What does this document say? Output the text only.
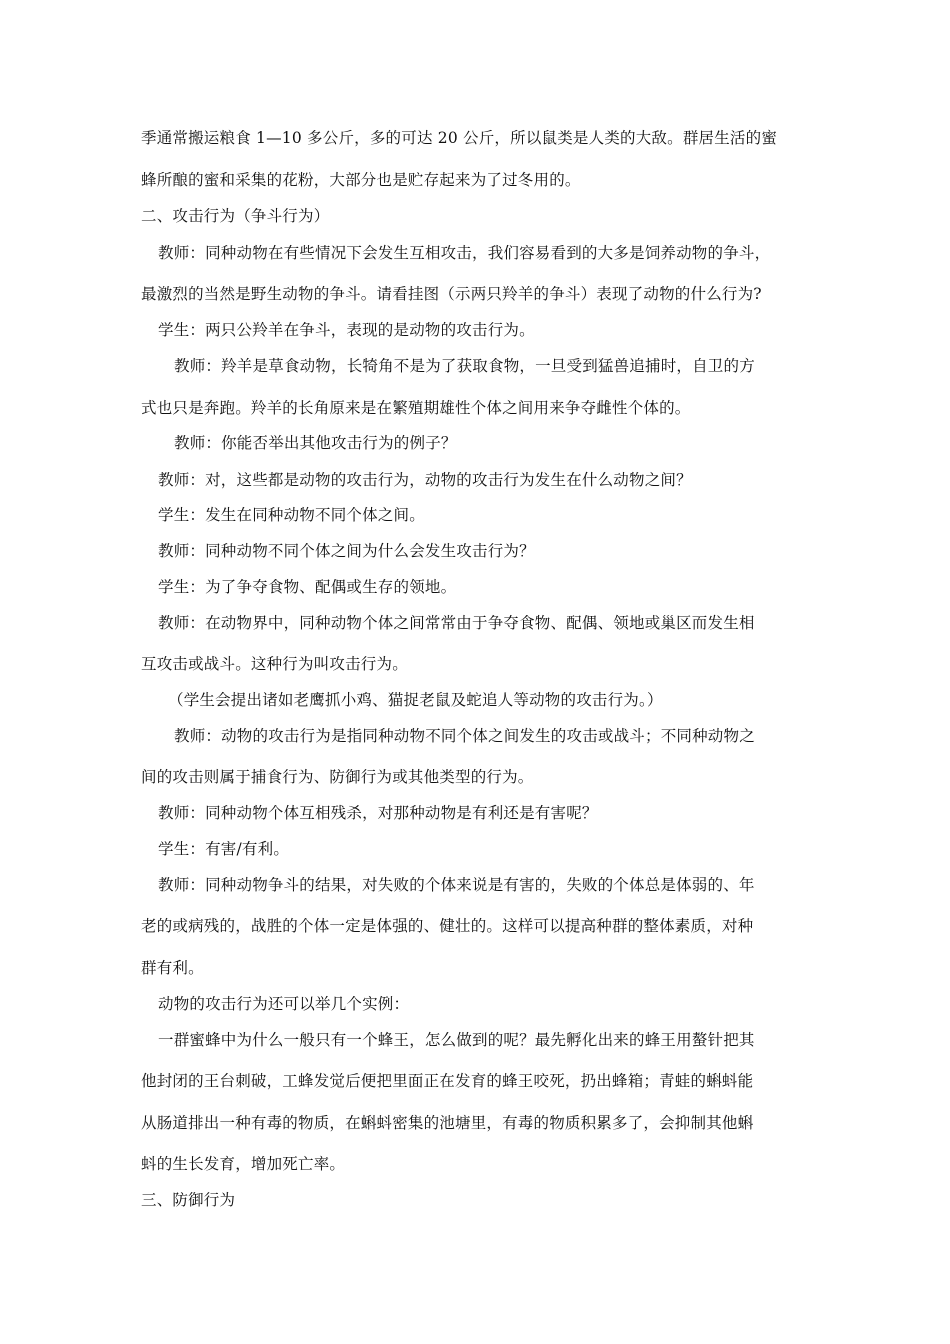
季通常搬运粮食 1—10 多公斤，多的可达 20 公斤，所以鼠类是人类的大敌。群居生活的蜜
蜂所酿的蜜和采集的花粉，大部分也是贮存起来为了过冬用的。
二、攻击行为（争斗行为）
教师：同种动物在有些情况下会发生互相攻击，我们容易看到的大多是饲养动物的争斗，
最激烈的当然是野生动物的争斗。请看挂图（示两只羚羊的争斗）表现了动物的什么行为?
学生：两只公羚羊在争斗，表现的是动物的攻击行为。
教师：羚羊是草食动物，长犄角不是为了获取食物，一旦受到猛兽追捕时，自卫的方
式也只是奔跑。羚羊的长角原来是在繁殖期雄性个体之间用来争夺雌性个体的。
教师：你能否举出其他攻击行为的例子？
教师：对，这些都是动物的攻击行为，动物的攻击行为发生在什么动物之间？
学生：发生在同种动物不同个体之间。
教师：同种动物不同个体之间为什么会发生攻击行为？
学生：为了争夺食物、配偶或生存的领地。
教师：在动物界中，同种动物个体之间常常由于争夺食物、配偶、领地或巢区而发生相
互攻击或战斗。这种行为叫攻击行为。
（学生会提出诸如老鹰抓小鸡、猫捉老鼠及蛇追人等动物的攻击行为。）
教师：动物的攻击行为是指同种动物不同个体之间发生的攻击或战斗；不同种动物之
间的攻击则属于捕食行为、防御行为或其他类型的行为。
教师：同种动物个体互相残杀，对那种动物是有利还是有害呢？
学生：有害/有利。
教师：同种动物争斗的结果，对失败的个体来说是有害的，失败的个体总是体弱的、年
老的或病残的，战胜的个体一定是体强的、健壮的。这样可以提高种群的整体素质，对种
群有利。
动物的攻击行为还可以举几个实例：
一群蜜蜂中为什么一般只有一个蜂王，怎么做到的呢？最先孵化出来的蜂王用螯针把其
他封闭的王台刺破，工蜂发觉后便把里面正在发育的蜂王咬死，扔出蜂箱；青蛙的蝌蚪能
从肠道排出一种有毒的物质，在蝌蚪密集的池塘里，有毒的物质积累多了，会抑制其他蝌
蚪的生长发育，增加死亡率。
三、防御行为
